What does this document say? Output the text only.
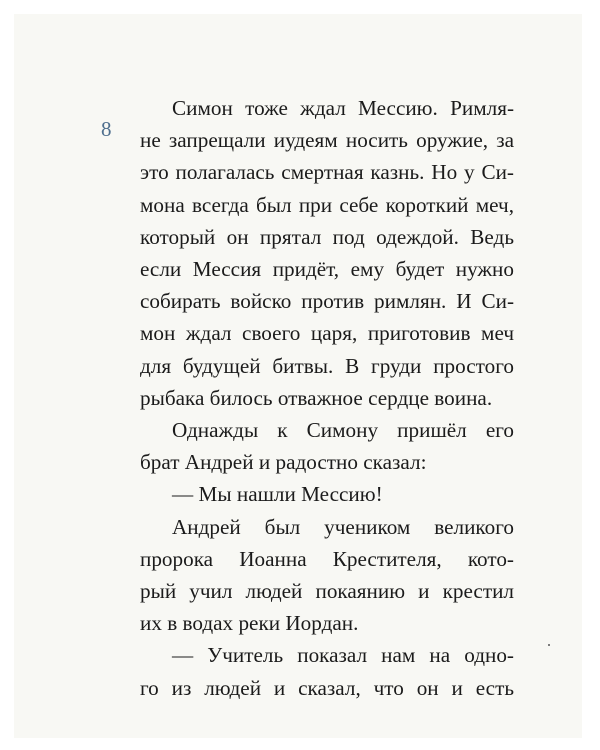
8
Симон тоже ждал Мессию. Римля-
не запрещали иудеям носить оружие, за
это полагалась смертная казнь. Но у Си-
мона всегда был при себе короткий меч,
который он прятал под одеждой. Ведь
если Мессия придёт, ему будет нужно
собирать войско против римлян. И Си-
мон ждал своего царя, приготовив меч
для будущей битвы. В груди простого
рыбака билось отважное сердце воина.
Однажды к Симону пришёл его
брат Андрей и радостно сказал:
— Мы нашли Мессию!
Андрей был учеником великого
пророка Иоанна Крестителя, кото-
рый учил людей покаянию и крестил
их в водах реки Иордан.
— Учитель показал нам на одно-
го из людей и сказал, что он и есть
